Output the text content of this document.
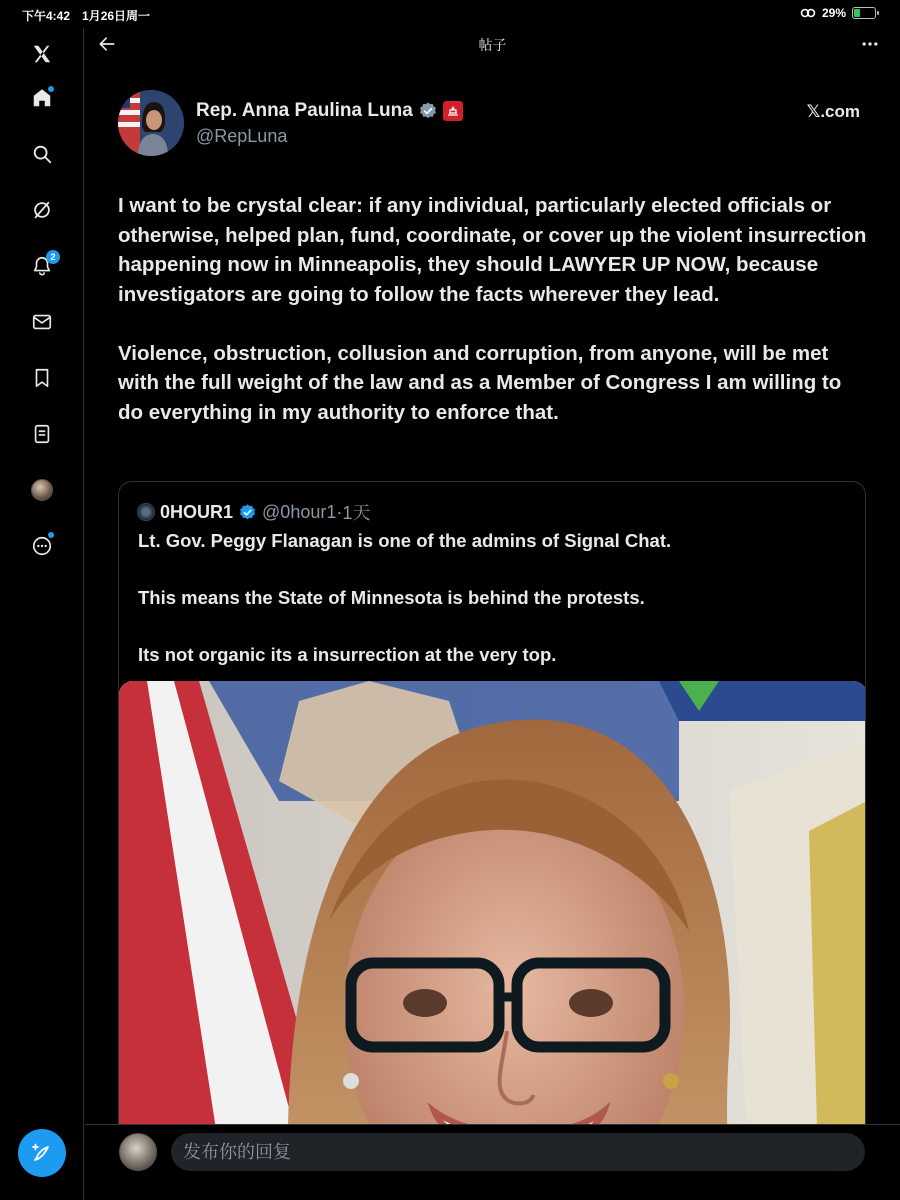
下午4:42 1月26日周一	29%
2
帖子
Rep. Anna Paulina Luna
@RepLuna
𝕏.com

I want to be crystal clear: if any individual, particularly elected officials or otherwise, helped plan, fund, coordinate, or cover up the violent insurrection happening now in Minneapolis, they should LAWYER UP NOW, because investigators are going to follow the facts wherever they lead.

Violence, obstruction, collusion and corruption, from anyone, will be met with the full weight of the law and as a Member of Congress I am willing to do everything in my authority to enforce that.

0HOUR1 @0hour1 · 1天

Lt. Gov. Peggy Flanagan is one of the admins of Signal Chat.

This means the State of Minnesota is behind the protests.

Its not organic its a insurrection at the very top.

发布你的回复
